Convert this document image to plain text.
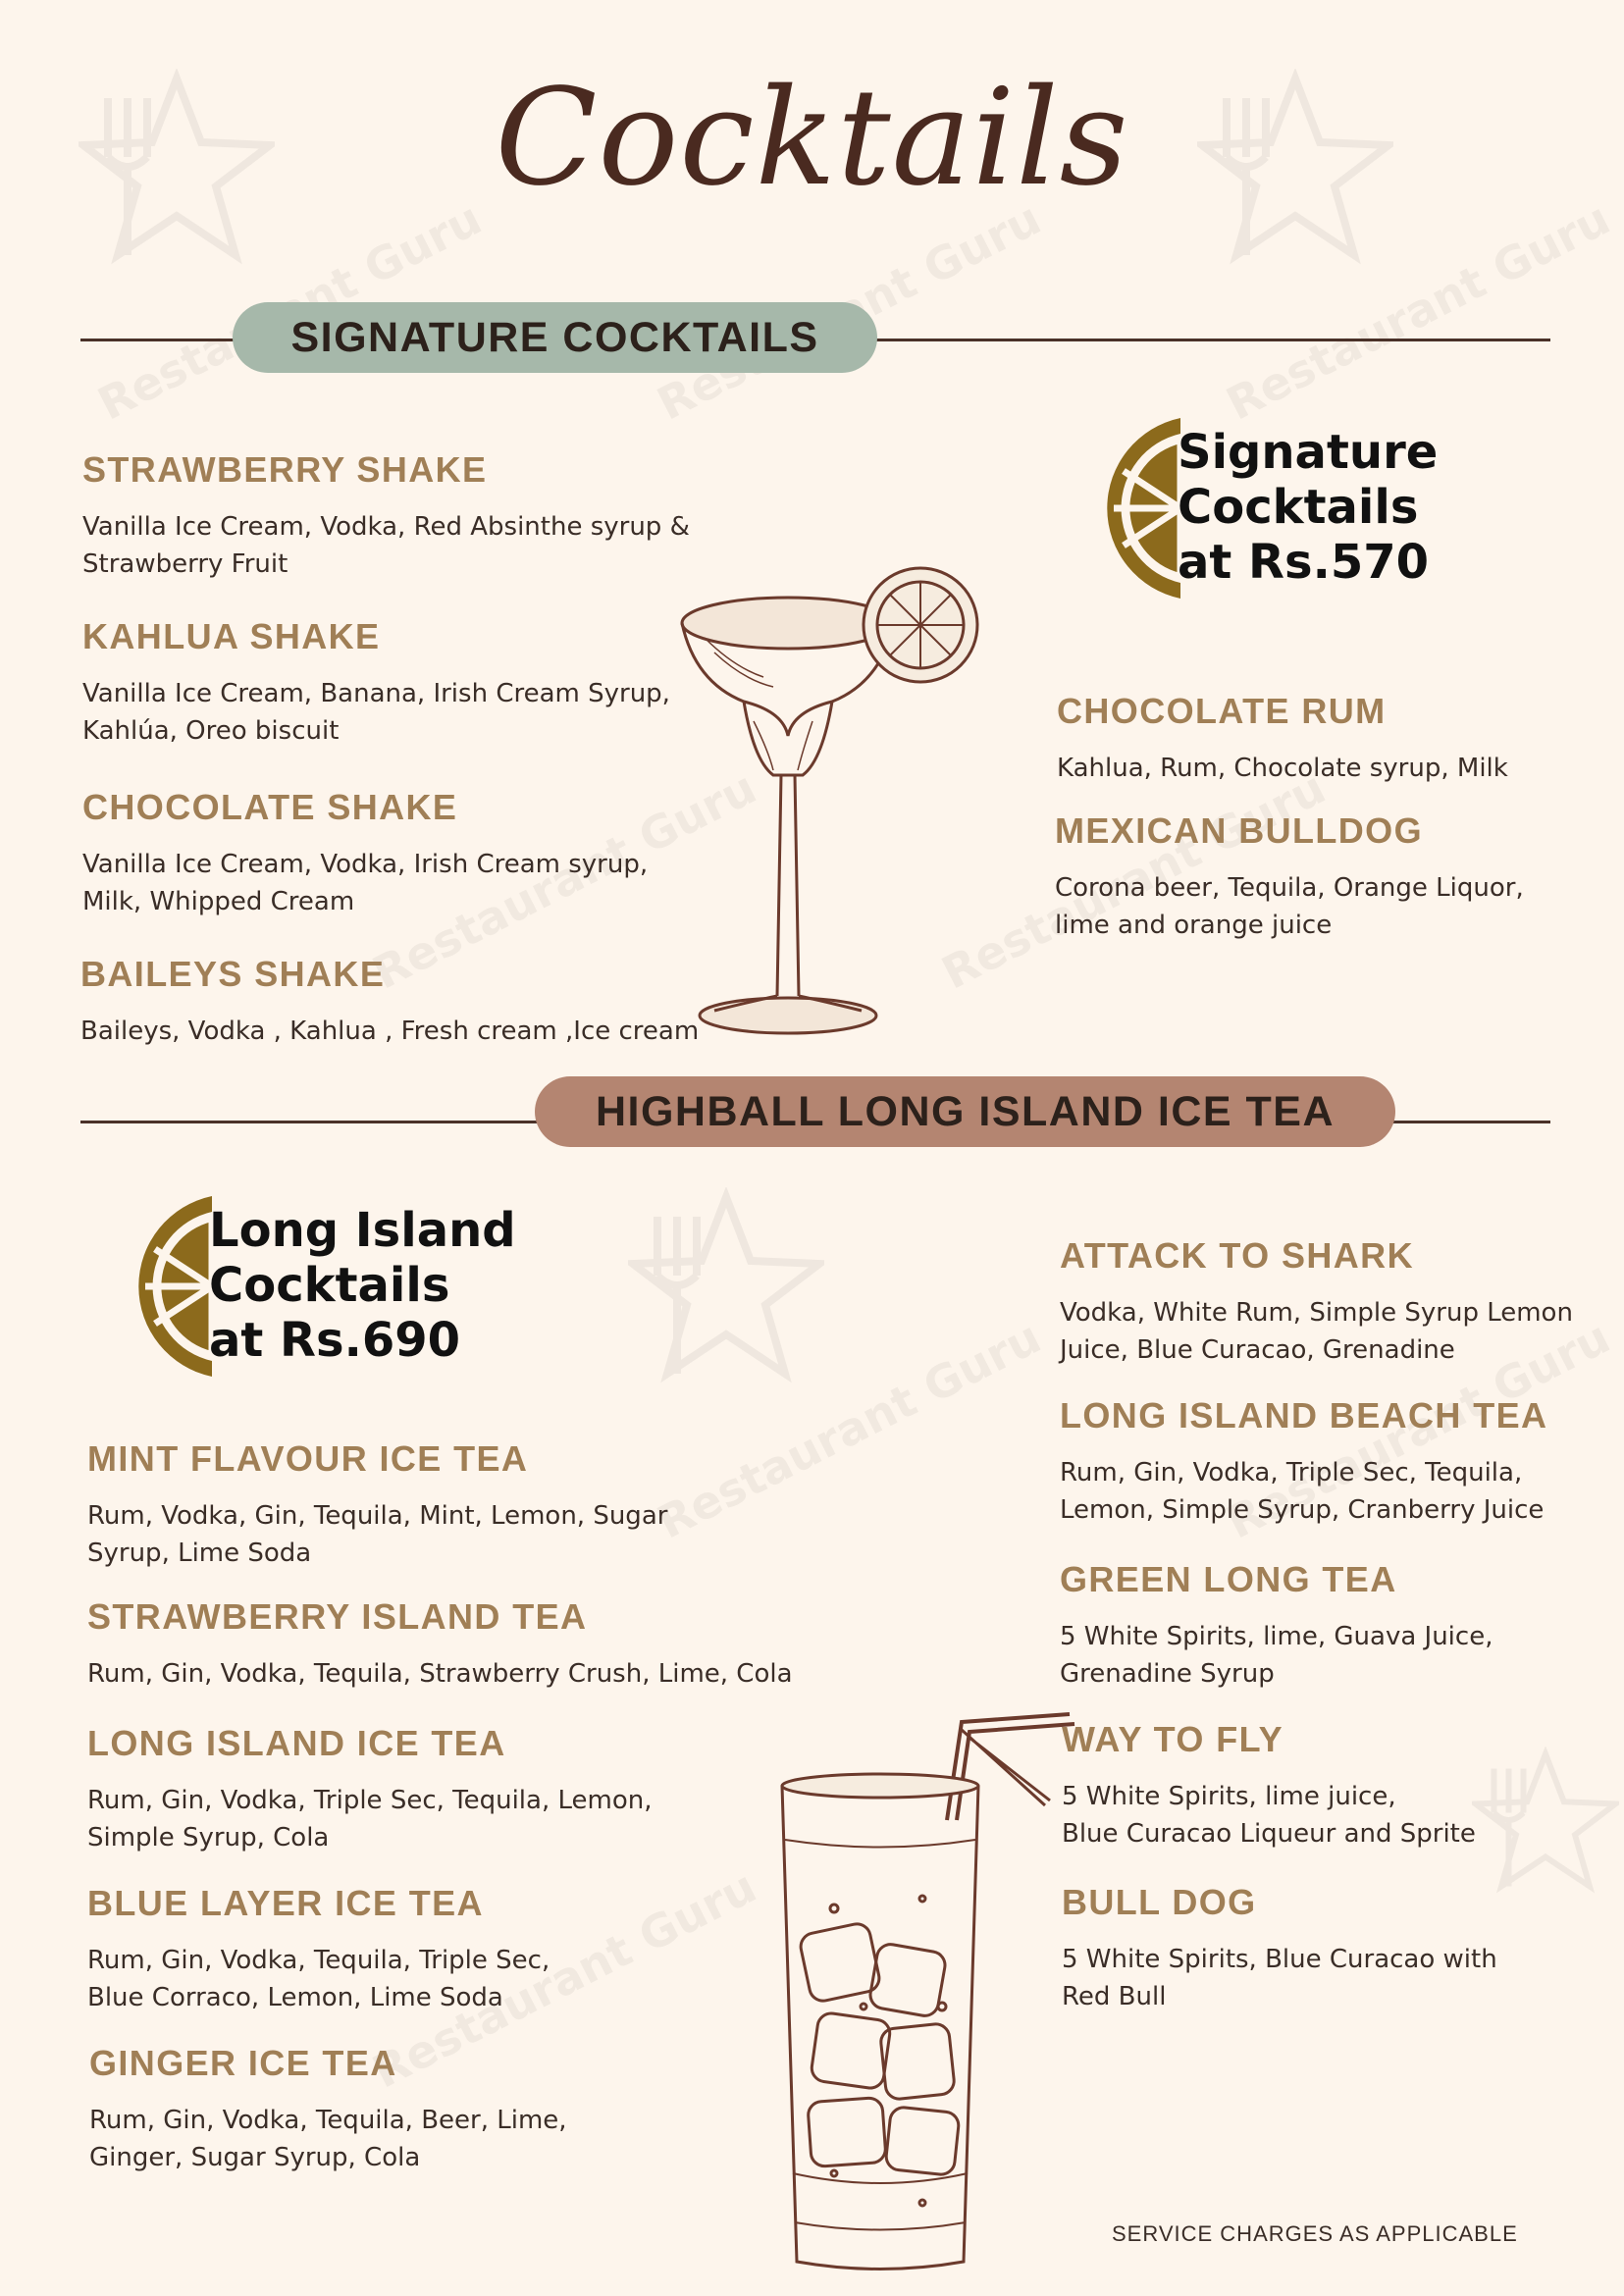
Cocktails
SIGNATURE COCKTAILS

STRAWBERRY SHAKE

Vanilla Ice Cream, Vodka, Red Absinthe syrup &
Strawberry Fruit

KAHLUA SHAKE

Vanilla Ice Cream, Banana, Irish Cream Syrup,
Kahlúa, Oreo biscuit

CHOCOLATE SHAKE

Vanilla Ice Cream, Vodka, Irish Cream syrup,
Milk, Whipped Cream

BAILEYS SHAKE

Baileys, Vodka , Kahlua , Fresh cream ,Ice cream

Signature
Cocktails
at Rs.570

CHOCOLATE RUM

Kahlua, Rum, Chocolate syrup, Milk

MEXICAN BULLDOG

Corona beer, Tequila, Orange Liquor,
lime and orange juice

HIGHBALL LONG ISLAND ICE TEA
Long Island
Cocktails
at Rs.690

MINT FLAVOUR ICE TEA

Rum, Vodka, Gin, Tequila, Mint, Lemon, Sugar
Syrup, Lime Soda

STRAWBERRY ISLAND TEA

Rum, Gin, Vodka, Tequila, Strawberry Crush, Lime, Cola

LONG ISLAND ICE TEA

Rum, Gin, Vodka, Triple Sec, Tequila, Lemon,
Simple Syrup, Cola

BLUE LAYER ICE TEA

Rum, Gin, Vodka, Tequila, Triple Sec,
Blue Corraco, Lemon, Lime Soda

GINGER ICE TEA

Rum, Gin, Vodka, Tequila, Beer, Lime,
Ginger, Sugar Syrup, Cola

ATTACK TO SHARK

Vodka, White Rum, Simple Syrup Lemon
Juice, Blue Curacao, Grenadine

LONG ISLAND BEACH TEA

Rum, Gin, Vodka, Triple Sec, Tequila,
Lemon, Simple Syrup, Cranberry Juice

GREEN LONG TEA

5 White Spirits, lime, Guava Juice,
Grenadine Syrup

WAY TO FLY

5 White Spirits, lime juice,
Blue Curacao Liqueur and Sprite

BULL DOG

5 White Spirits, Blue Curacao with
Red Bull

SERVICE CHARGES AS APPLICABLE
